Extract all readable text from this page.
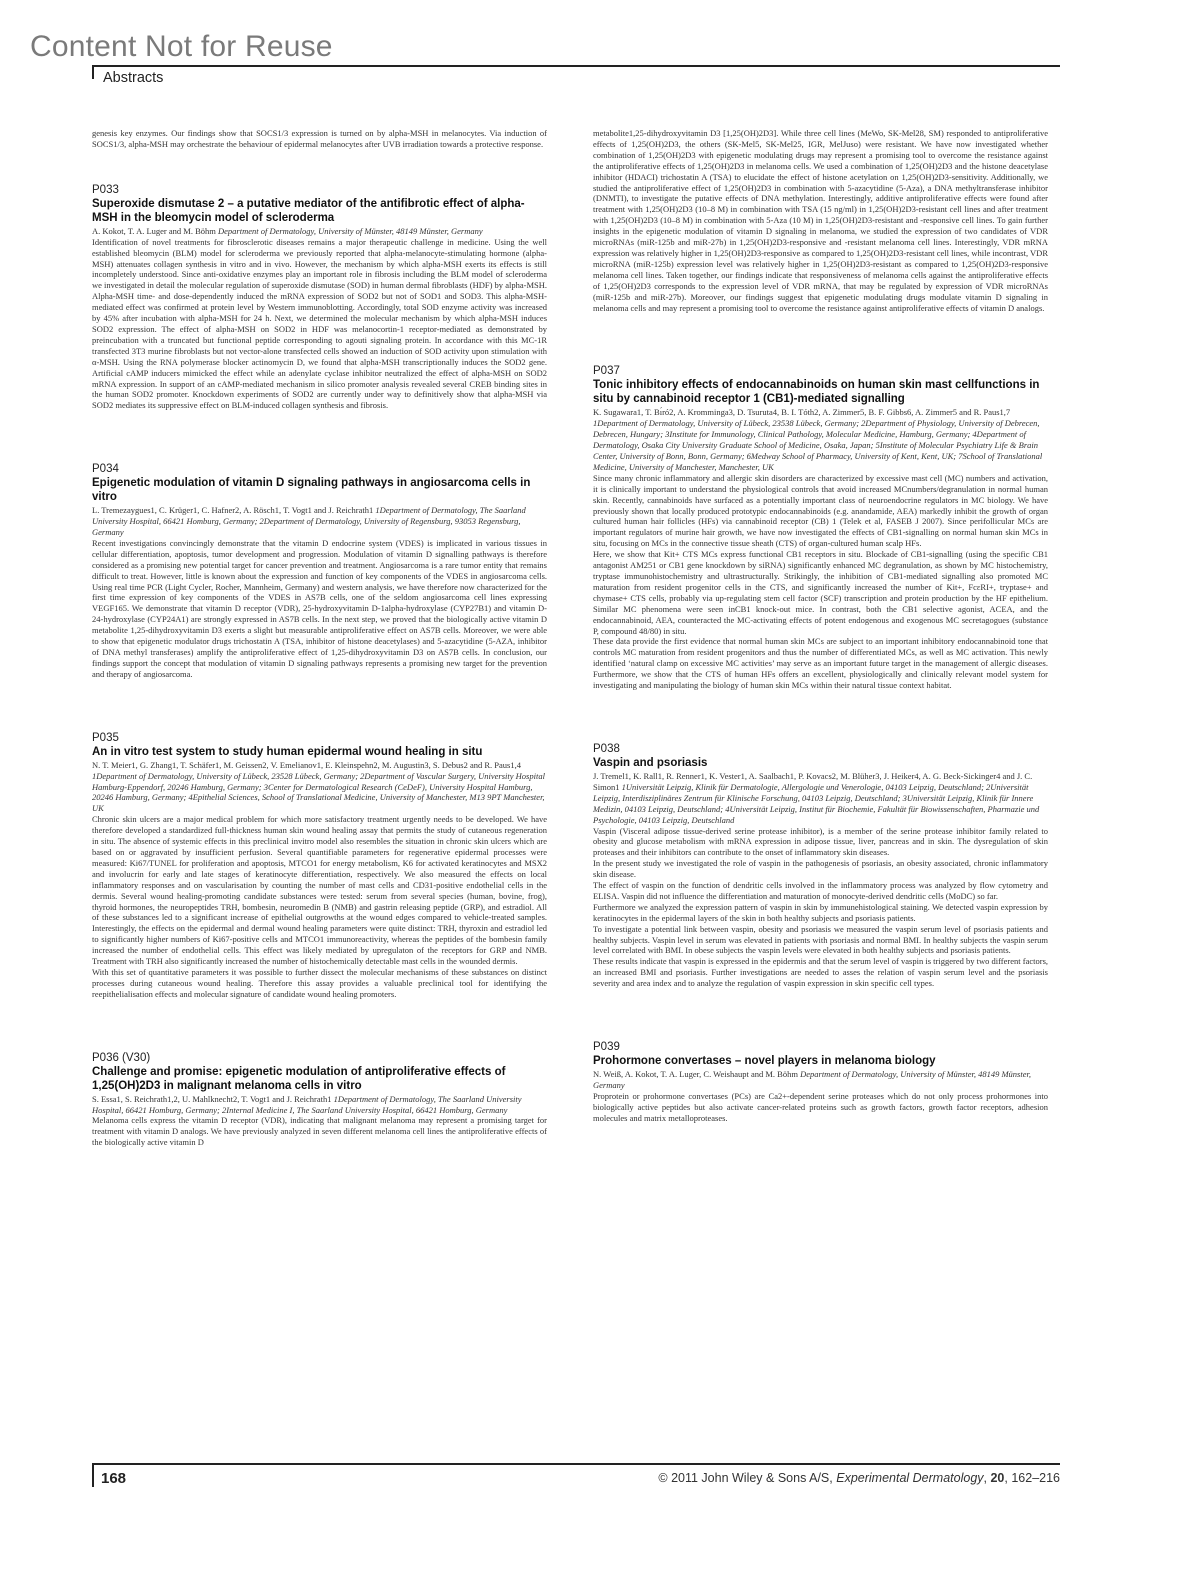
Content Not for Reuse
Abstracts

genesis key enzymes. Our findings show that SOCS1/3 expression is turned on by alpha-MSH in melanocytes. Via induction of SOCS1/3, alpha-MSH may orchestrate the behaviour of epidermal melanocytes after UVB irradiation towards a protective response.

P033
Superoxide dismutase 2 – a putative mediator of the antifibrotic effect of alpha-MSH in the bleomycin model of scleroderma
A. Kokot, T. A. Luger and M. Böhm Department of Dermatology, University of Münster, 48149 Münster, Germany

Identification of novel treatments for fibrosclerotic diseases remains a major therapeutic challenge in medicine. Using the well established bleomycin (BLM) model for scleroderma we previously reported that alpha-melanocyte-stimulating hormone (alpha-MSH) attenuates collagen synthesis in vitro and in vivo. However, the mechanism by which alpha-MSH exerts its effects is still incompletely understood. Since anti-oxidative enzymes play an important role in fibrosis including the BLM model of scleroderma we investigated in detail the molecular regulation of superoxide dismutase (SOD) in human dermal fibroblasts (HDF) by alpha-MSH. Alpha-MSH time- and dose-dependently induced the mRNA expression of SOD2 but not of SOD1 and SOD3. This alpha-MSH-mediated effect was confirmed at protein level by Western immunoblotting. Accordingly, total SOD enzyme activity was increased by 45% after incubation with alpha-MSH for 24 h. Next, we determined the molecular mechanism by which alpha-MSH induces SOD2 expression. The effect of alpha-MSH on SOD2 in HDF was melanocortin-1 receptor-mediated as demonstrated by preincubation with a truncated but functional peptide corresponding to agouti signaling protein. In accordance with this MC-1R transfected 3T3 murine fibroblasts but not vector-alone transfected cells showed an induction of SOD activity upon stimulation with α-MSH. Using the RNA polymerase blocker actinomycin D, we found that alpha-MSH transcriptionally induces the SOD2 gene. Artificial cAMP inducers mimicked the effect while an adenylate cyclase inhibitor neutralized the effect of alpha-MSH on SOD2 mRNA expression. In support of an cAMP-mediated mechanism in silico promoter analysis revealed several CREB binding sites in the human SOD2 promoter. Knockdown experiments of SOD2 are currently under way to definitively show that alpha-MSH via SOD2 mediates its suppressive effect on BLM-induced collagen synthesis and fibrosis.

P034
Epigenetic modulation of vitamin D signaling pathways in angiosarcoma cells in vitro
L. Tremezaygues1, C. Krüger1, C. Hafner2, A. Rösch1, T. Vogt1 and J. Reichrath1 1Department of Dermatology, The Saarland University Hospital, 66421 Homburg, Germany; 2Department of Dermatology, University of Regensburg, 93053 Regensburg, Germany

Recent investigations convincingly demonstrate that the vitamin D endocrine system (VDES) is implicated in various tissues in cellular differentiation, apoptosis, tumor development and progression. Modulation of vitamin D signalling pathways is therefore considered as a promising new potential target for cancer prevention and treatment. Angiosarcoma is a rare tumor entity that remains difficult to treat. However, little is known about the expression and function of key components of the VDES in angiosarcoma cells. Using real time PCR (Light Cycler, Rocher, Mannheim, Germany) and western analysis, we have therefore now characterized for the first time expression of key components of the VDES in AS7B cells, one of the seldom angiosarcoma cell lines expressing VEGF165. We demonstrate that vitamin D receptor (VDR), 25-hydroxyvitamin D-1alpha-hydroxylase (CYP27B1) and vitamin D-24-hydroxylase (CYP24A1) are strongly expressed in AS7B cells. In the next step, we proved that the biologically active vitamin D metabolite 1,25-dihydroxyvitamin D3 exerts a slight but measurable antiproliferative effect on AS7B cells. Moreover, we were able to show that epigenetic modulator drugs trichostatin A (TSA, inhibitor of histone deacetylases) and 5-azacytidine (5-AZA, inhibitor of DNA methyl transferases) amplify the antiproliferative effect of 1,25-dihydroxyvitamin D3 on AS7B cells. In conclusion, our findings support the concept that modulation of vitamin D signaling pathways represents a promising new target for the prevention and therapy of angiosarcoma.

P035
An in vitro test system to study human epidermal wound healing in situ
N. T. Meier1, G. Zhang1, T. Schäfer1, M. Geissen2, V. Emelianov1, E. Kleinspehn2, M. Augustin3, S. Debus2 and R. Paus1,4 1Department of Dermatology, University of Lübeck, 23528 Lübeck, Germany; 2Department of Vascular Surgery, University Hospital Hamburg-Eppendorf, 20246 Hamburg, Germany; 3Center for Dermatological Research (CeDeF), University Hospital Hamburg, 20246 Hamburg, Germany; 4Epithelial Sciences, School of Translational Medicine, University of Manchester, M13 9PT Manchester, UK

Chronic skin ulcers are a major medical problem for which more satisfactory treatment urgently needs to be developed. We have therefore developed a standardized full-thickness human skin wound healing assay that permits the study of cutaneous regeneration in situ. The absence of systemic effects in this preclinical invitro model also resembles the situation in chronic skin ulcers which are based on or aggravated by insufficient perfusion. Several quantifiable parameters for regenerative epidermal processes were measured: Ki67/TUNEL for proliferation and apoptosis, MTCO1 for energy metabolism, K6 for activated keratinocytes and MSX2 and involucrin for early and late stages of keratinocyte differentiation, respectively. We also measured the effects on local inflammatory responses and on vascularisation by counting the number of mast cells and CD31-positive endothelial cells in the dermis. Several wound healing-promoting candidate substances were tested: serum from several species (human, bovine, frog), thyroid hormones, the neuropeptides TRH, bombesin, neuromedin B (NMB) and gastrin releasing peptide (GRP), and estradiol. All of these substances led to a significant increase of epithelial outgrowths at the wound edges compared to vehicle-treated samples. Interestingly, the effects on the epidermal and dermal wound healing parameters were quite distinct: TRH, thyroxin and estradiol led to significantly higher numbers of Ki67-positive cells and MTCO1 immunoreactivity, whereas the peptides of the bombesin family increased the number of endothelial cells. This effect was likely mediated by upregulaton of the receptors for GRP and NMB. Treatment with TRH also significantly increased the number of histochemically detectable mast cells in the wounded dermis.

With this set of quantitative parameters it was possible to further dissect the molecular mechanisms of these substances on distinct processes during cutaneous wound healing. Therefore this assay provides a valuable preclinical tool for identifying the reepithelialisation effects and molecular signature of candidate wound healing promoters.

P036 (V30)
Challenge and promise: epigenetic modulation of antiproliferative effects of 1,25(OH)2D3 in malignant melanoma cells in vitro
S. Essa1, S. Reichrath1,2, U. Mahlknecht2, T. Vogt1 and J. Reichrath1 1Department of Dermatology, The Saarland University Hospital, 66421 Homburg, Germany; 2Internal Medicine I, The Saarland University Hospital, 66421 Homburg, Germany

Melanoma cells express the vitamin D receptor (VDR), indicating that malignant melanoma may represent a promising target for treatment with vitamin D analogs. We have previously analyzed in seven different melanoma cell lines the antiproliferative effects of the biologically active vitamin D

metabolite1,25-dihydroxyvitamin D3 [1,25(OH)2D3]. While three cell lines (MeWo, SK-Mel28, SM) responded to antiproliferative effects of 1,25(OH)2D3, the others (SK-Mel5, SK-Mel25, IGR, MelJuso) were resistant. We have now investigated whether combination of 1,25(OH)2D3 with epigenetic modulating drugs may represent a promising tool to overcome the resistance against the antiproliferative effects of 1,25(OH)2D3 in melanoma cells. We used a combination of 1,25(OH)2D3 and the histone deacetylase inhibitor (HDACI) trichostatin A (TSA) to elucidate the effect of histone acetylation on 1,25(OH)2D3-sensitivity. Additionally, we studied the antiproliferative effect of 1,25(OH)2D3 in combination with 5-azacytidine (5-Aza), a DNA methyltransferase inhibitor (DNMTI), to investigate the putative effects of DNA methylation. Interestingly, additive antiproliferative effects were found after treatment with 1,25(OH)2D3 (10–8 M) in combination with TSA (15 ng/ml) in 1,25(OH)2D3-resistant cell lines and after treatment with 1,25(OH)2D3 (10–8 M) in combination with 5-Aza (10 M) in 1,25(OH)2D3-resistant and -responsive cell lines. To gain further insights in the epigenetic modulation of vitamin D signaling in melanoma, we studied the expression of two candidates of VDR microRNAs (miR-125b and miR-27b) in 1,25(OH)2D3-responsive and -resistant melanoma cell lines. Interestingly, VDR mRNA expression was relatively higher in 1,25(OH)2D3-responsive as compared to 1,25(OH)2D3-resistant cell lines, while incontrast, VDR microRNA (miR-125b) expression level was relatively higher in 1,25(OH)2D3-resistant as compared to 1,25(OH)2D3-responsive melanoma cell lines. Taken together, our findings indicate that responsiveness of melanoma cells against the antiproliferative effects of 1,25(OH)2D3 corresponds to the expression level of VDR mRNA, that may be regulated by expression of VDR microRNAs (miR-125b and miR-27b). Moreover, our findings suggest that epigenetic modulating drugs modulate vitamin D signaling in melanoma cells and may represent a promising tool to overcome the resistance against antiproliferative effects of vitamin D analogs.

P037
Tonic inhibitory effects of endocannabinoids on human skin mast cellfunctions in situ by cannabinoid receptor 1 (CB1)-mediated signalling
K. Sugawara1, T. Bı́ró2, A. Kromminga3, D. Tsuruta4, B. I. Tóth2, A. Zimmer5, B. F. Gibbs6, A. Zimmer5 and R. Paus1,7 1Department of Dermatology, University of Lübeck, 23538 Lübeck, Germany; 2Department of Physiology, University of Debrecen, Debrecen, Hungary; 3Institute for Immunology, Clinical Pathology, Molecular Medicine, Hamburg, Germany; 4Department of Dermatology, Osaka City University Graduate School of Medicine, Osaka, Japan; 5Institute of Molecular Psychiatry Life & Brain Center, University of Bonn, Bonn, Germany; 6Medway School of Pharmacy, University of Kent, Kent, UK; 7School of Translational Medicine, University of Manchester, Manchester, UK

Since many chronic inflammatory and allergic skin disorders are characterized by excessive mast cell (MC) numbers and activation, it is clinically important to understand the physiological controls that avoid increased MCnumbers/degranulation in normal human skin. Recently, cannabinoids have surfaced as a potentially important class of neuroendocrine regulators in MC biology. We have previously shown that locally produced prototypic endocannabinoids (e.g. anandamide, AEA) markedly inhibit the growth of organ cultured human hair follicles (HFs) via cannabinoid receptor (CB) 1 (Telek et al, FASEB J 2007). Since perifollicular MCs are important regulators of murine hair growth, we have now investigated the effects of CB1-signalling on normal human skin MCs in situ, focusing on MCs in the connective tissue sheath (CTS) of organ-cultured human scalp HFs.

Here, we show that Kit+ CTS MCs express functional CB1 receptors in situ. Blockade of CB1-signalling (using the specific CB1 antagonist AM251 or CB1 gene knockdown by siRNA) significantly enhanced MC degranulation, as shown by MC histochemistry, tryptase immunohistochemistry and ultrastructurally. Strikingly, the inhibition of CB1-mediated signalling also promoted MC maturation from resident progenitor cells in the CTS, and significantly increased the number of Kit+, FcεRI+, tryptase+ and chymase+ CTS cells, probably via up-regulating stem cell factor (SCF) transcription and protein production by the HF epithelium. Similar MC phenomena were seen inCB1 knock-out mice. In contrast, both the CB1 selective agonist, ACEA, and the endocannabinoid, AEA, counteracted the MC-activating effects of potent endogenous and exogenous MC secretagogues (substance P, compound 48/80) in situ.

These data provide the first evidence that normal human skin MCs are subject to an important inhibitory endocannabinoid tone that controls MC maturation from resident progenitors and thus the number of differentiated MCs, as well as MC activation. This newly identified ‘natural clamp on excessive MC activities’ may serve as an important future target in the management of allergic diseases. Furthermore, we show that the CTS of human HFs offers an excellent, physiologically and clinically relevant model system for investigating and manipulating the biology of human skin MCs within their natural tissue context habitat.

P038
Vaspin and psoriasis
J. Tremel1, K. Rall1, R. Renner1, K. Vester1, A. Saalbach1, P. Kovacs2, M. Blüher3, J. Heiker4, A. G. Beck-Sickinger4 and J. C. Simon1 1Universität Leipzig, Klinik für Dermatologie, Allergologie und Venerologie, 04103 Leipzig, Deutschland; 2Universität Leipzig, Interdisziplinäres Zentrum für Klinische Forschung, 04103 Leipzig, Deutschland; 3Universität Leipzig, Klinik für Innere Medizin, 04103 Leipzig, Deutschland; 4Universität Leipzig, Institut für Biochemie, Fakultät für Biowissenschaften, Pharmazie und Psychologie, 04103 Leipzig, Deutschland

Vaspin (Visceral adipose tissue-derived serine protease inhibitor), is a member of the serine protease inhibitor family related to obesity and glucose metabolism with mRNA expression in adipose tissue, liver, pancreas and in skin. The dysregulation of skin proteases and their inhibitors can contribute to the onset of inflammatory skin diseases.

In the present study we investigated the role of vaspin in the pathogenesis of psoriasis, an obesity associated, chronic inflammatory skin disease.

The effect of vaspin on the function of dendritic cells involved in the inflammatory process was analyzed by flow cytometry and ELISA. Vaspin did not influence the differentiation and maturation of monocyte-derived dendritic cells (MoDC) so far.

Furthermore we analyzed the expression pattern of vaspin in skin by immunehistological staining. We detected vaspin expression by keratinocytes in the epidermal layers of the skin in both healthy subjects and psoriasis patients.

To investigate a potential link between vaspin, obesity and psoriasis we measured the vaspin serum level of psoriasis patients and healthy subjects. Vaspin level in serum was elevated in patients with psoriasis and normal BMI. In healthy subjects the vaspin serum level correlated with BMI. In obese subjects the vaspin levels were elevated in both healthy subjects and psoriasis patients.

These results indicate that vaspin is expressed in the epidermis and that the serum level of vaspin is triggered by two different factors, an increased BMI and psoriasis. Further investigations are needed to asses the relation of vaspin serum level and the psoriasis severity and area index and to analyze the regulation of vaspin expression in skin specific cell types.

P039
Prohormone convertases – novel players in melanoma biology
N. Weiß, A. Kokot, T. A. Luger, C. Weishaupt and M. Böhm Department of Dermatology, University of Münster, 48149 Münster, Germany

Proprotein or prohormone convertases (PCs) are Ca2+-dependent serine proteases which do not only process prohormones into biologically active peptides but also activate cancer-related proteins such as growth factors, growth factor receptors, adhesion molecules and matrix metalloproteases.

168	© 2011 John Wiley & Sons A/S, Experimental Dermatology, 20, 162–216
